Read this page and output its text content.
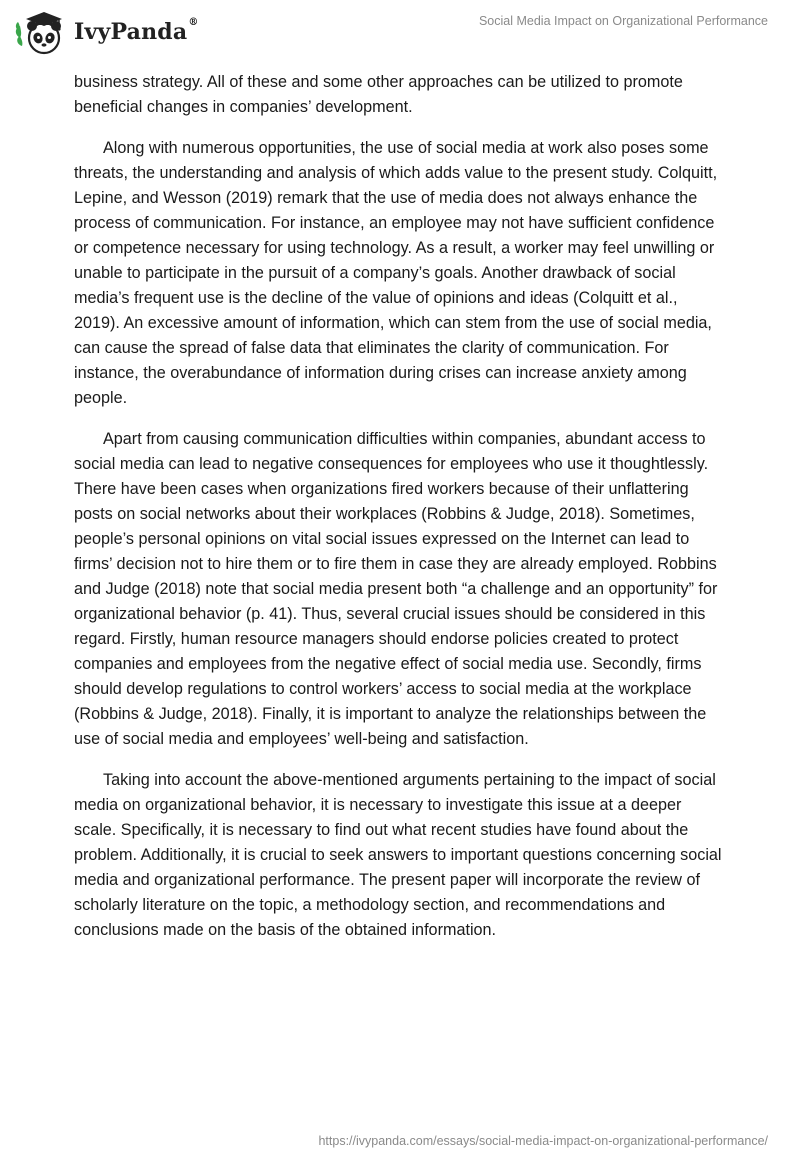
IvyPanda®	Social Media Impact on Organizational Performance

business strategy. All of these and some other approaches can be utilized to promote beneficial changes in companies’ development.

Along with numerous opportunities, the use of social media at work also poses some threats, the understanding and analysis of which adds value to the present study. Colquitt, Lepine, and Wesson (2019) remark that the use of media does not always enhance the process of communication. For instance, an employee may not have sufficient confidence or competence necessary for using technology. As a result, a worker may feel unwilling or unable to participate in the pursuit of a company’s goals. Another drawback of social media’s frequent use is the decline of the value of opinions and ideas (Colquitt et al., 2019). An excessive amount of information, which can stem from the use of social media, can cause the spread of false data that eliminates the clarity of communication. For instance, the overabundance of information during crises can increase anxiety among people.

Apart from causing communication difficulties within companies, abundant access to social media can lead to negative consequences for employees who use it thoughtlessly. There have been cases when organizations fired workers because of their unflattering posts on social networks about their workplaces (Robbins & Judge, 2018). Sometimes, people’s personal opinions on vital social issues expressed on the Internet can lead to firms’ decision not to hire them or to fire them in case they are already employed. Robbins and Judge (2018) note that social media present both “a challenge and an opportunity” for organizational behavior (p. 41). Thus, several crucial issues should be considered in this regard. Firstly, human resource managers should endorse policies created to protect companies and employees from the negative effect of social media use. Secondly, firms should develop regulations to control workers’ access to social media at the workplace (Robbins & Judge, 2018). Finally, it is important to analyze the relationships between the use of social media and employees’ well-being and satisfaction.

Taking into account the above-mentioned arguments pertaining to the impact of social media on organizational behavior, it is necessary to investigate this issue at a deeper scale. Specifically, it is necessary to find out what recent studies have found about the problem. Additionally, it is crucial to seek answers to important questions concerning social media and organizational performance. The present paper will incorporate the review of scholarly literature on the topic, a methodology section, and recommendations and conclusions made on the basis of the obtained information.

https://ivypanda.com/essays/social-media-impact-on-organizational-performance/
